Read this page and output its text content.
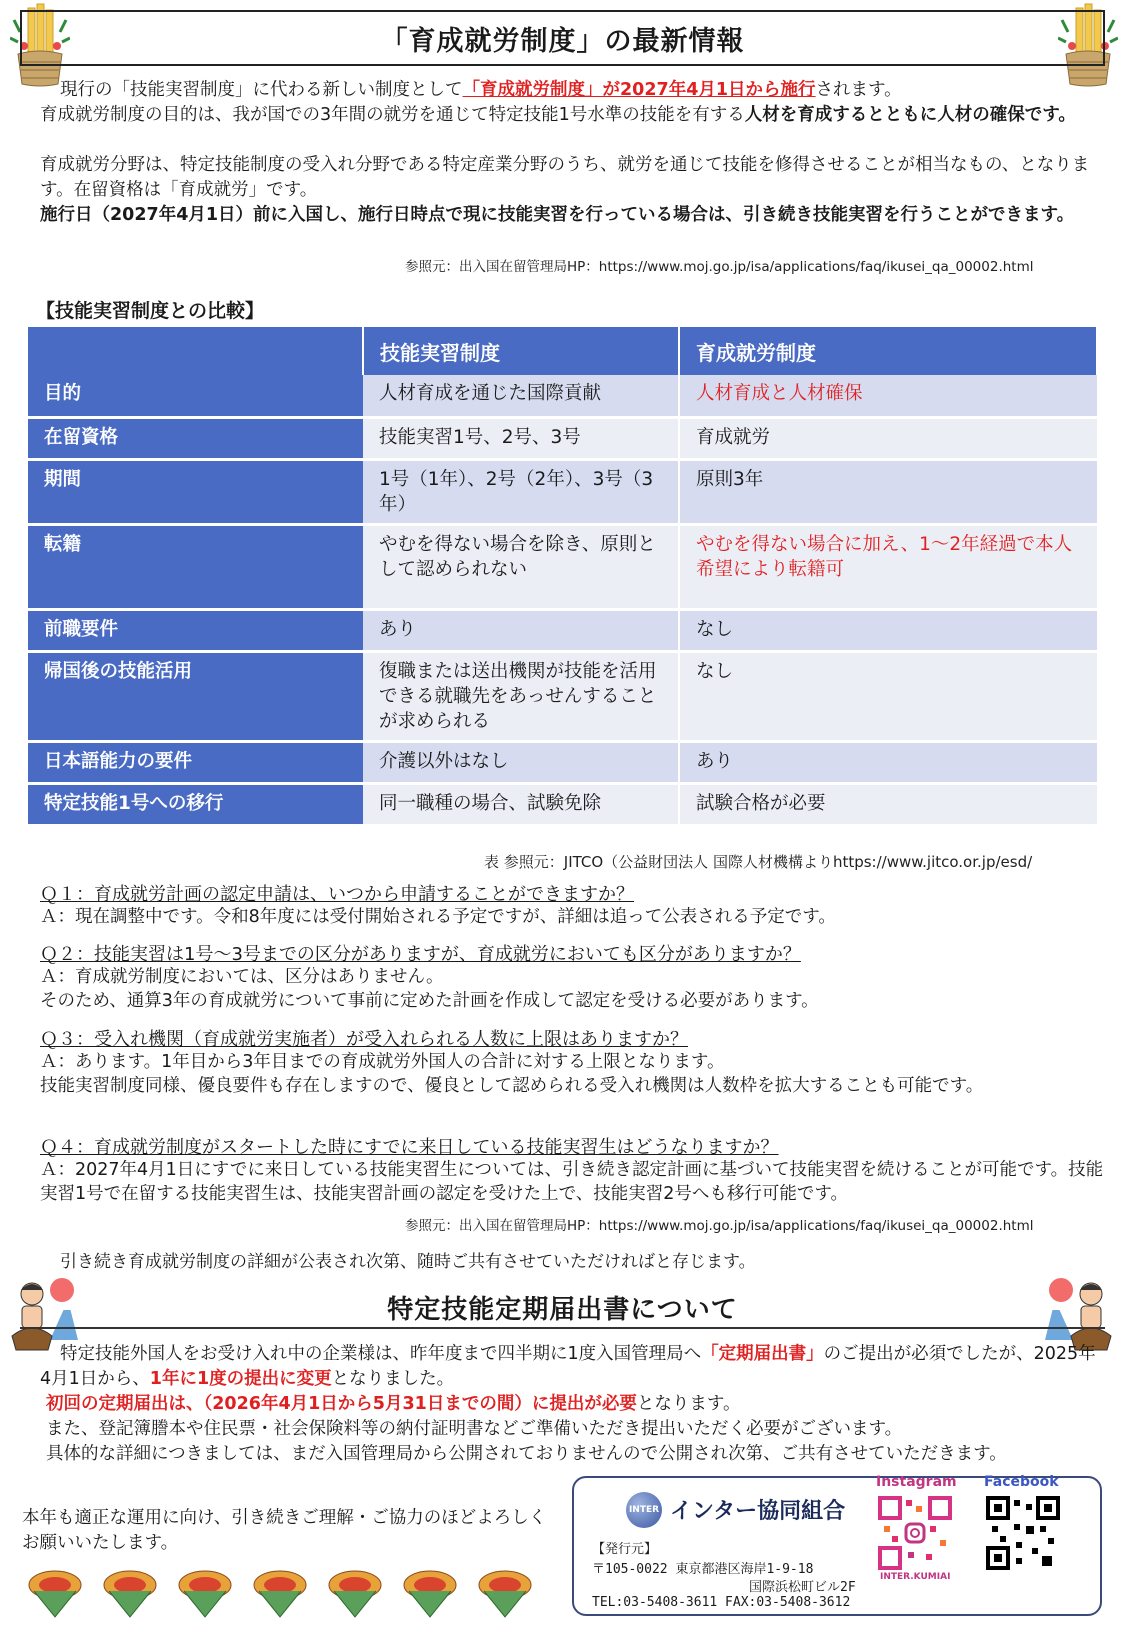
「育成就労制度」の最新情報
現行の「技能実習制度」に代わる新しい制度として「育成就労制度」が2027年4月1日から施行されます。
育成就労制度の目的は、我が国での3年間の就労を通じて特定技能1号水準の技能を有する人材を育成するとともに人材の確保です。
育成就労分野は、特定技能制度の受入れ分野である特定産業分野のうち、就労を通じて技能を修得させることが相当なもの、となります。在留資格は「育成就労」です。
施行日（2027年4月1日）前に入国し、施行日時点で現に技能実習を行っている場合は、引き続き技能実習を行うことができます。
参照元：出入国在留管理局HP：https://www.moj.go.jp/isa/applications/faq/ikusei_qa_00002.html
【技能実習制度との比較】
	技能実習制度	育成就労制度
目的	人材育成を通じた国際貢献	人材育成と人材確保
在留資格	技能実習1号、2号、3号	育成就労
期間	1号（1年）、2号（2年）、3号（3年）	原則3年
転籍	やむを得ない場合を除き、原則として認められない	やむを得ない場合に加え、1～2年経過で本人希望により転籍可
前職要件	あり	なし
帰国後の技能活用	復職または送出機関が技能を活用できる就職先をあっせんすることが求められる	なし
日本語能力の要件	介護以外はなし	あり
特定技能1号への移行	同一職種の場合、試験免除	試験合格が必要
表 参照元：JITCO（公益財団法人 国際人材機構よりhttps://www.jitco.or.jp/esd/
Ｑ１：育成就労計画の認定申請は、いつから申請することができますか？
Ａ：現在調整中です。令和8年度には受付開始される予定ですが、詳細は追って公表される予定です。
Ｑ２：技能実習は1号～3号までの区分がありますが、育成就労においても区分がありますか？
Ａ：育成就労制度においては、区分はありません。
そのため、通算3年の育成就労について事前に定めた計画を作成して認定を受ける必要があります。
Ｑ３：受入れ機関（育成就労実施者）が受入れられる人数に上限はありますか？
Ａ：あります。1年目から3年目までの育成就労外国人の合計に対する上限となります。
技能実習制度同様、優良要件も存在しますので、優良として認められる受入れ機関は人数枠を拡大することも可能です。
Ｑ４：育成就労制度がスタートした時にすでに来日している技能実習生はどうなりますか？
Ａ：2027年4月1日にすでに来日している技能実習生については、引き続き認定計画に基づいて技能実習を続けることが可能です。技能実習1号で在留する技能実習生は、技能実習計画の認定を受けた上で、技能実習2号へも移行可能です。
参照元：出入国在留管理局HP：https://www.moj.go.jp/isa/applications/faq/ikusei_qa_00002.html
引き続き育成就労制度の詳細が公表され次第、随時ご共有させていただければと存じます。
特定技能定期届出書について
特定技能外国人をお受け入れ中の企業様は、昨年度まで四半期に1度入国管理局へ「定期届出書」のご提出が必須でしたが、2025年4月1日から、1年に1度の提出に変更となりました。
初回の定期届出は、（2026年4月1日から5月31日までの間）に提出が必要となります。
また、登記簿謄本や住民票・社会保険料等の納付証明書などご準備いただき提出いただく必要がございます。
具体的な詳細につきましては、まだ入国管理局から公開されておりませんので公開され次第、ご共有させていただきます。
本年も適正な運用に向け、引き続きご理解・ご協力のほどよろしくお願いいたします。
INTER インター協同組合
【発行元】
〒105-0022 東京都港区海岸1-9-18
国際浜松町ビル2F
TEL:03-5408-3611 FAX:03-5408-3612
Instagram
INTER.KUMIAI
Facebook
